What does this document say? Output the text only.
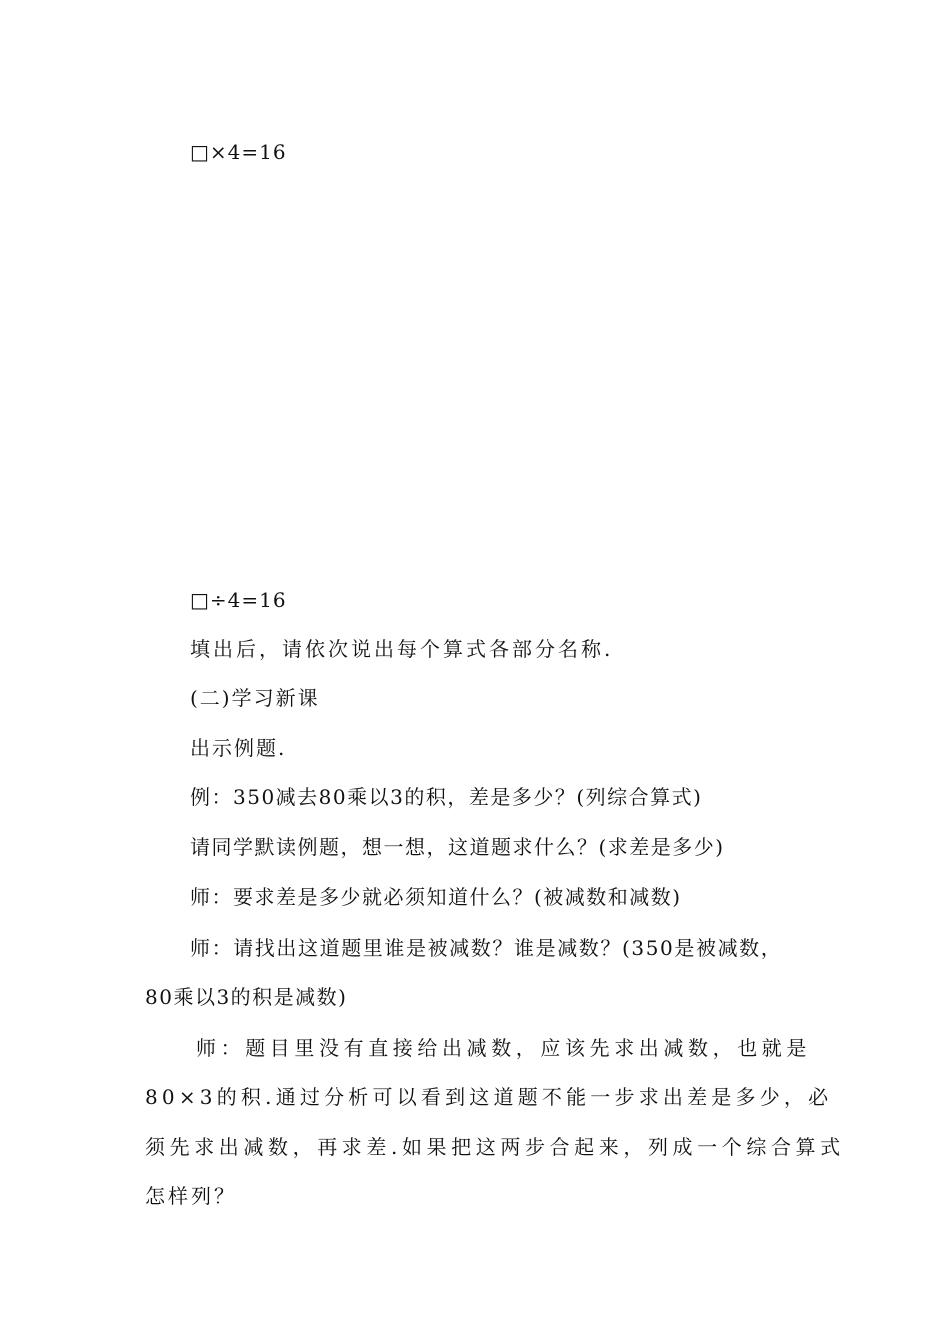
□×4=16
□÷4=16
填出后，请依次说出每个算式各部分名称.
(二)学习新课
出示例题.
例：350减去80乘以3的积，差是多少？(列综合算式)
请同学默读例题，想一想，这道题求什么？(求差是多少)
师：要求差是多少就必须知道什么？(被减数和减数)
师：请找出这道题里谁是被减数？谁是减数？(350是被减数，
80乘以3的积是减数)
师：题目里没有直接给出减数，应该先求出减数，也就是
80×3的积.通过分析可以看到这道题不能一步求出差是多少，必
须先求出减数，再求差.如果把这两步合起来，列成一个综合算式
怎样列？
